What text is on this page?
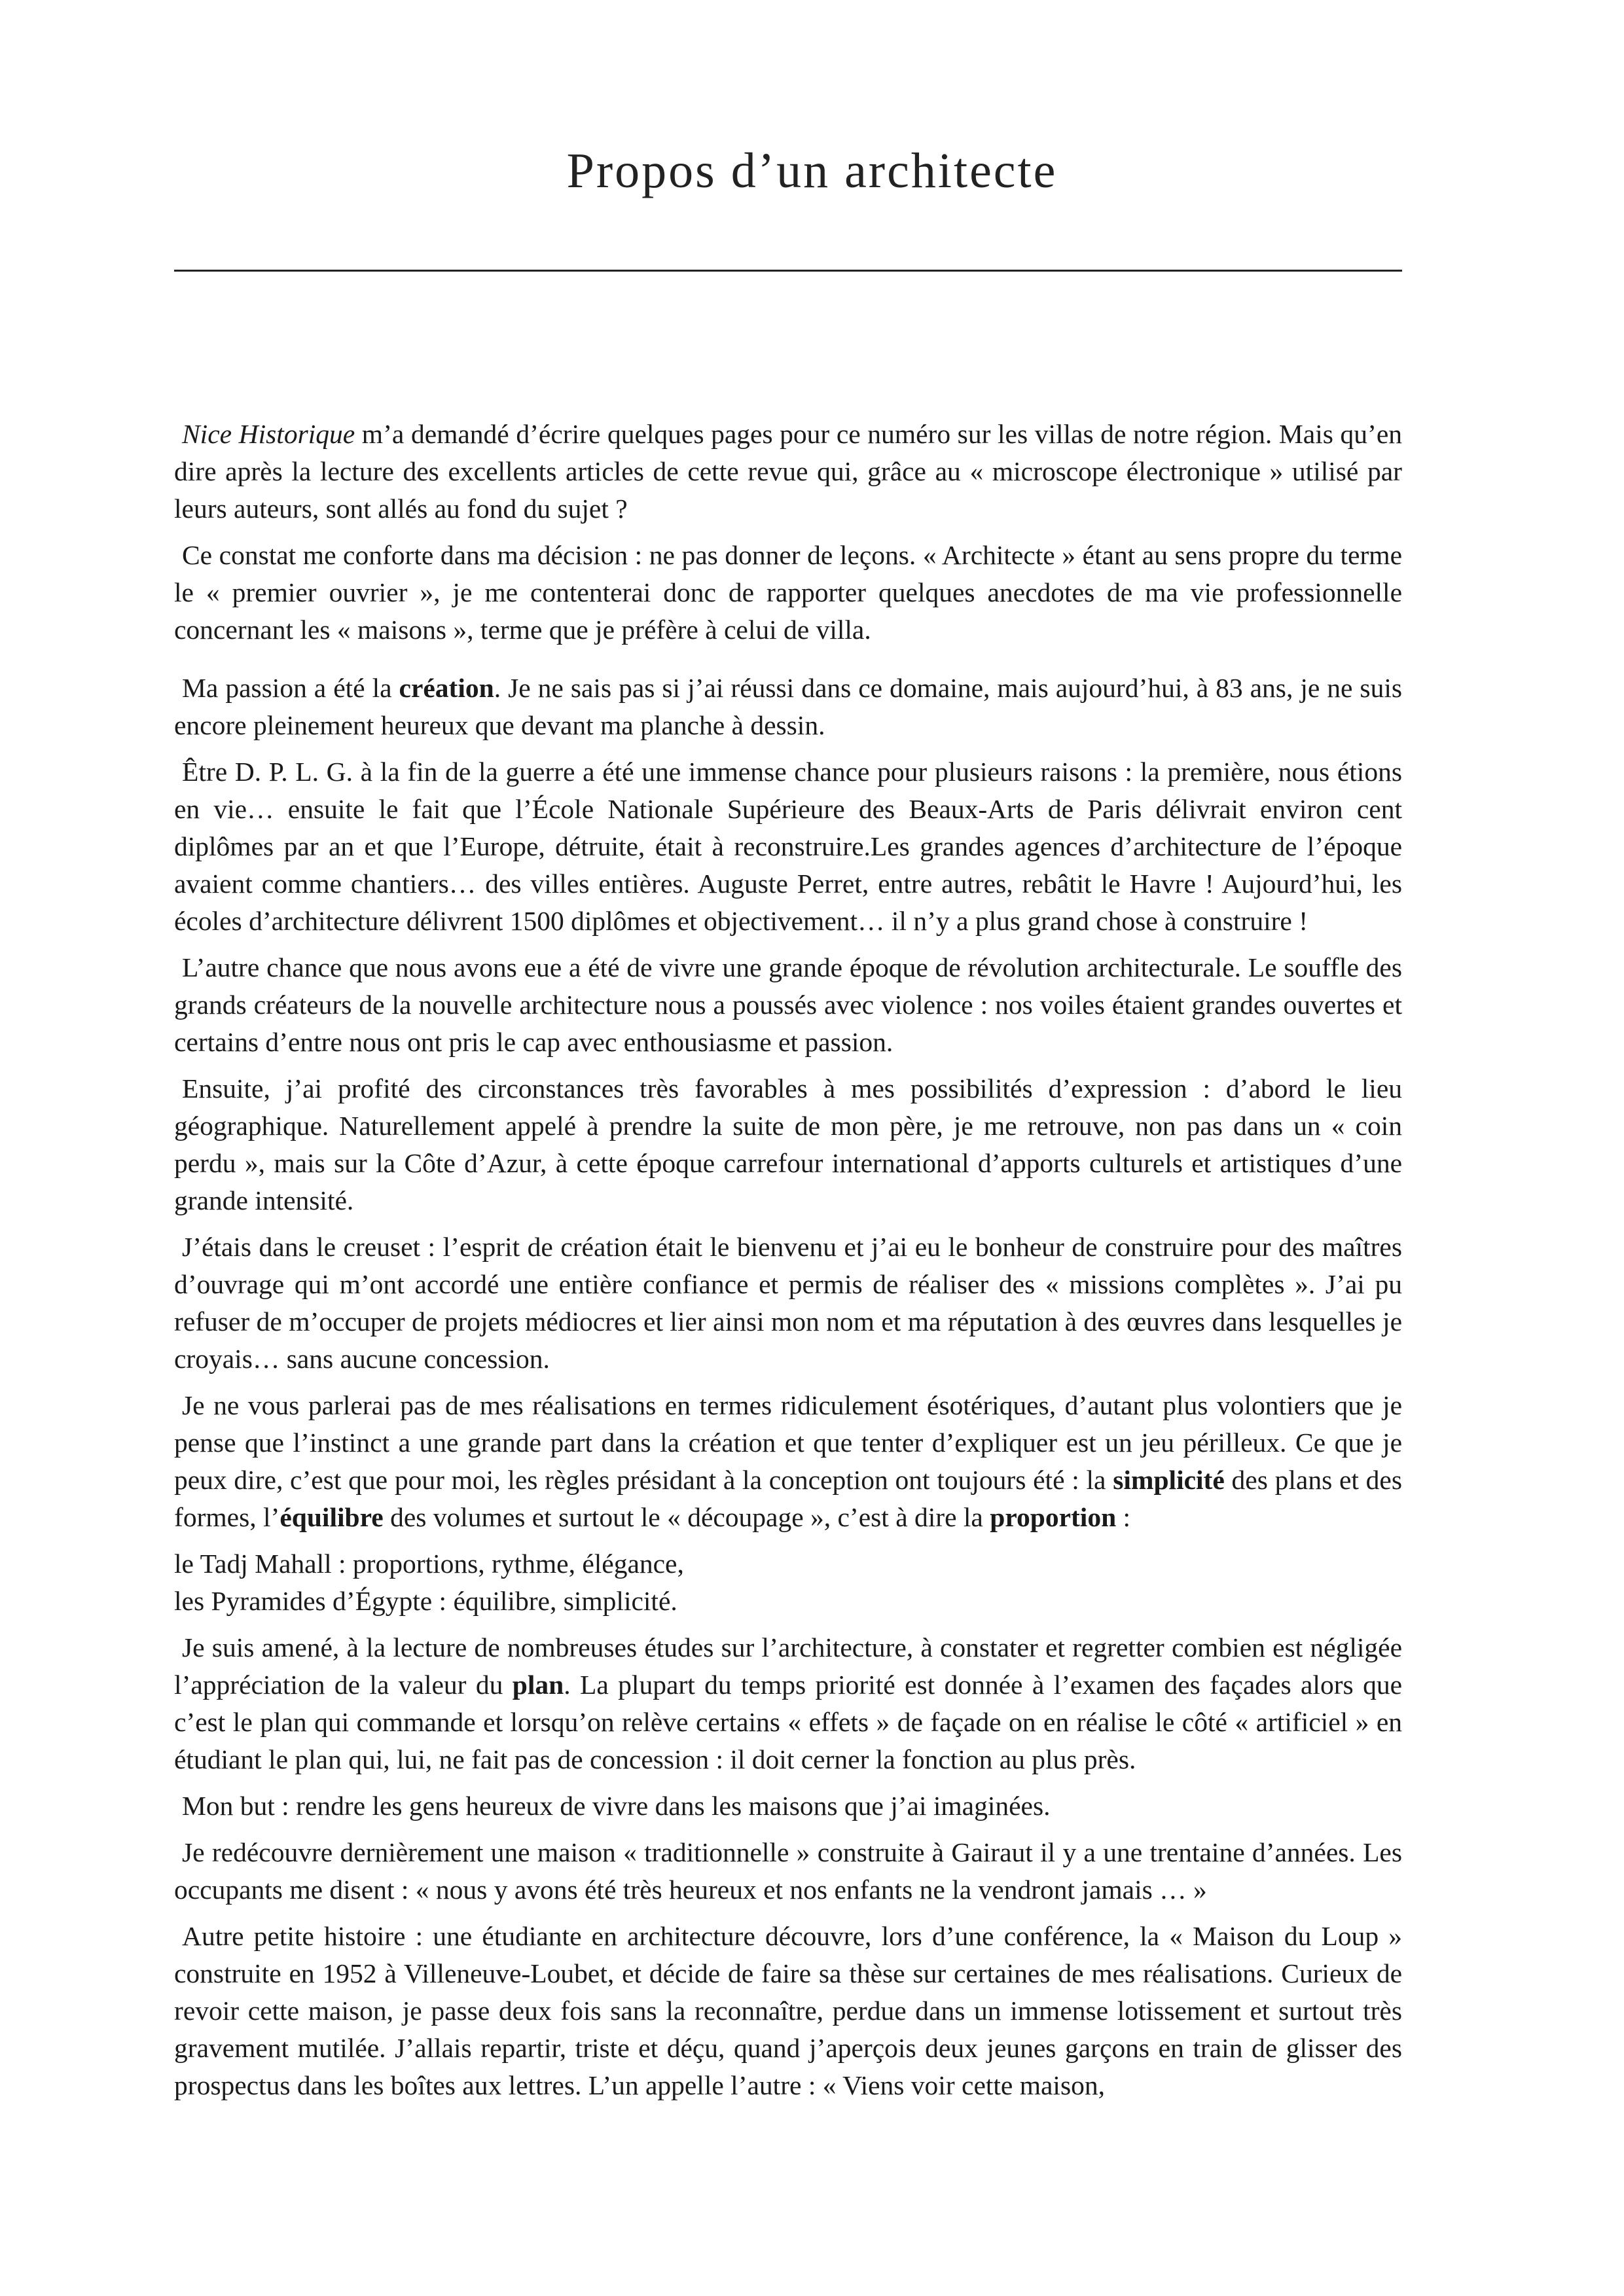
Propos d’un architecte

Nice Historique m’a demandé d’écrire quelques pages pour ce numéro sur les villas de notre région. Mais qu’en dire après la lecture des excellents articles de cette revue qui, grâce au « microscope électronique » utilisé par leurs auteurs, sont allés au fond du sujet ?

Ce constat me conforte dans ma décision : ne pas donner de leçons. « Architecte » étant au sens propre du terme le « premier ouvrier », je me contenterai donc de rapporter quelques anecdotes de ma vie professionnelle concernant les « maisons », terme que je préfère à celui de villa.

Ma passion a été la création. Je ne sais pas si j’ai réussi dans ce domaine, mais aujourd’hui, à 83 ans, je ne suis encore pleinement heureux que devant ma planche à dessin.

Être D. P. L. G. à la fin de la guerre a été une immense chance pour plusieurs raisons : la première, nous étions en vie… ensuite le fait que l’École Nationale Supérieure des Beaux-Arts de Paris délivrait environ cent diplômes par an et que l’Europe, détruite, était à reconstruire.Les grandes agences d’architecture de l’époque avaient comme chantiers… des villes entières. Auguste Perret, entre autres, rebâtit le Havre ! Aujourd’hui, les écoles d’architecture délivrent 1500 diplômes et objectivement… il n’y a plus grand chose à construire !

L’autre chance que nous avons eue a été de vivre une grande époque de révolution architecturale. Le souffle des grands créateurs de la nouvelle architecture nous a poussés avec violence : nos voiles étaient grandes ouvertes et certains d’entre nous ont pris le cap avec enthousiasme et passion.

Ensuite, j’ai profité des circonstances très favorables à mes possibilités d’expression : d’abord le lieu géographique. Naturellement appelé à prendre la suite de mon père, je me retrouve, non pas dans un « coin perdu », mais sur la Côte d’Azur, à cette époque carrefour international d’apports culturels et artistiques d’une grande intensité.

J’étais dans le creuset : l’esprit de création était le bienvenu et j’ai eu le bonheur de construire pour des maîtres d’ouvrage qui m’ont accordé une entière confiance et permis de réaliser des « missions complètes ». J’ai pu refuser de m’occuper de projets médiocres et lier ainsi mon nom et ma réputation à des œuvres dans lesquelles je croyais… sans aucune concession.

Je ne vous parlerai pas de mes réalisations en termes ridiculement ésotériques, d’autant plus volontiers que je pense que l’instinct a une grande part dans la création et que tenter d’expliquer est un jeu périlleux. Ce que je peux dire, c’est que pour moi, les règles présidant à la conception ont toujours été : la simplicité des plans et des formes, l’équilibre des volumes et surtout le « découpage », c’est à dire la proportion :

le Tadj Mahall : proportions, rythme, élégance,
les Pyramides d’Égypte : équilibre, simplicité.

Je suis amené, à la lecture de nombreuses études sur l’architecture, à constater et regretter combien est négligée l’appréciation de la valeur du plan. La plupart du temps priorité est donnée à l’examen des façades alors que c’est le plan qui commande et lorsqu’on relève certains « effets » de façade on en réalise le côté « artificiel » en étudiant le plan qui, lui, ne fait pas de concession : il doit cerner la fonction au plus près.

Mon but : rendre les gens heureux de vivre dans les maisons que j’ai imaginées.

Je redécouvre dernièrement une maison « traditionnelle » construite à Gairaut il y a une trentaine d’années. Les occupants me disent : « nous y avons été très heureux et nos enfants ne la vendront jamais … »

Autre petite histoire : une étudiante en architecture découvre, lors d’une conférence, la « Maison du Loup » construite en 1952 à Villeneuve-Loubet, et décide de faire sa thèse sur certaines de mes réalisations. Curieux de revoir cette maison, je passe deux fois sans la reconnaître, perdue dans un immense lotissement et surtout très gravement mutilée. J’allais repartir, triste et déçu, quand j’aperçois deux jeunes garçons en train de glisser des prospectus dans les boîtes aux lettres. L’un appelle l’autre : « Viens voir cette maison,
